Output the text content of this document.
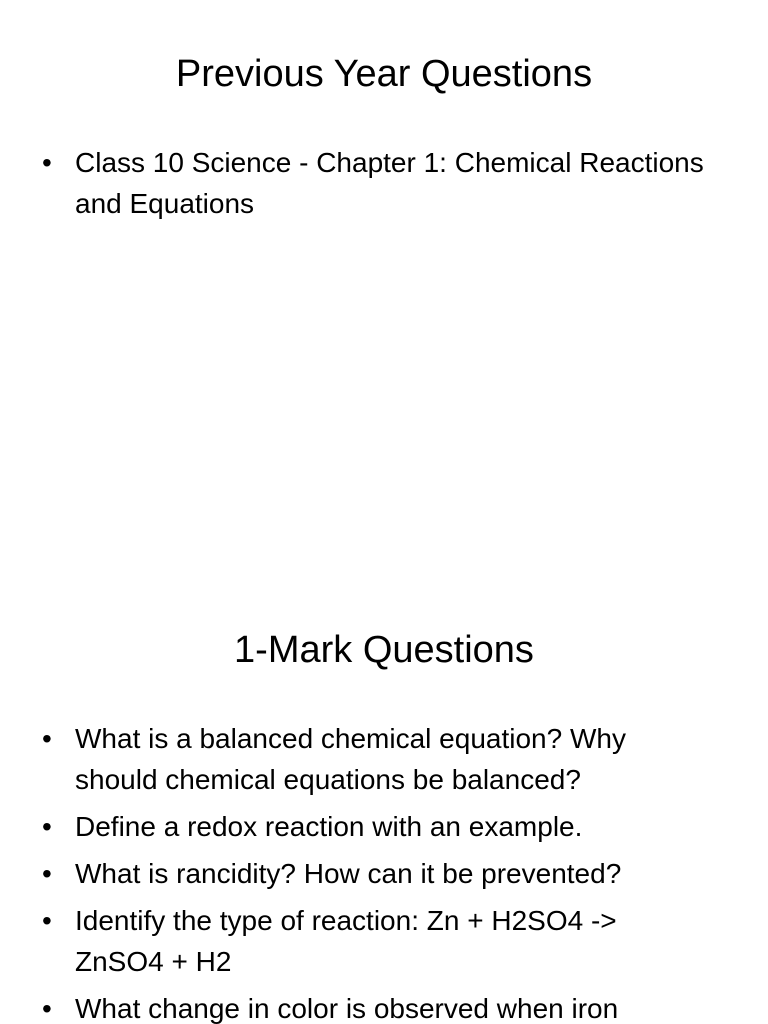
Previous Year Questions
• Class 10 Science - Chapter 1: Chemical Reactions and Equations
1-Mark Questions
• What is a balanced chemical equation? Why should chemical equations be balanced?
• Define a redox reaction with an example.
• What is rancidity? How can it be prevented?
• Identify the type of reaction: Zn + H2SO4 -> ZnSO4 + H2
• What change in color is observed when iron
